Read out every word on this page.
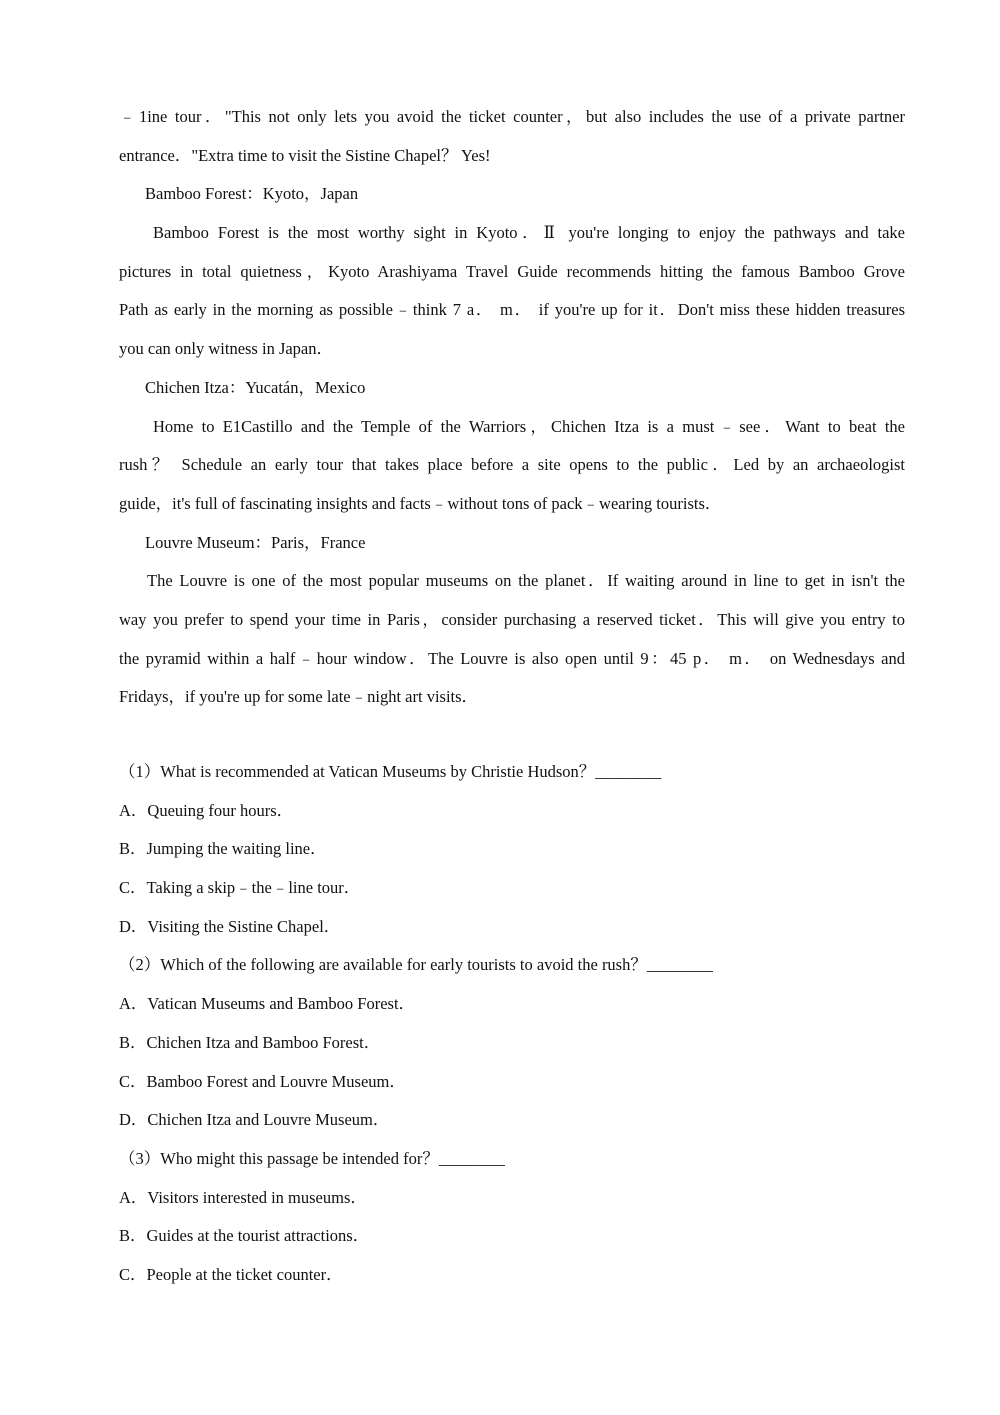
﹣1ine tour．"This not only lets you avoid the ticket counter，but also includes the use of a private partner
entrance．"Extra time to visit the Sistine Chapel？ Yes!
Bamboo Forest：Kyoto，Japan
Bamboo Forest is the most worthy sight in Kyoto．Ⅱ you're longing to enjoy the pathways and take
pictures in total quietness，Kyoto Arashiyama Travel Guide recommends hitting the famous Bamboo Grove
Path as early in the morning as possible﹣think 7 a． m． if you're up for it．Don't miss these hidden treasures
you can only witness in Japan．
Chichen Itza：Yucatán，Mexico
Home to E1Castillo and the Temple of the Warriors，Chichen Itza is a must﹣see．Want to beat the
rush？ Schedule an early tour that takes place before a site opens to the public．Led by an archaeologist
guide，it's full of fascinating insights and facts﹣without tons of pack﹣wearing tourists．
Louvre Museum：Paris，France
The Louvre is one of the most popular museums on the planet．If waiting around in line to get in isn't the
way you prefer to spend your time in Paris，consider purchasing a reserved ticket．This will give you entry to
the pyramid within a half﹣hour window．The Louvre is also open until 9：45 p． m． on Wednesdays and
Fridays，if you're up for some late﹣night art visits．
（1）What is recommended at Vatican Museums by Christie Hudson？________
A．Queuing four hours．
B．Jumping the waiting line．
C．Taking a skip﹣the﹣line tour．
D．Visiting the Sistine Chapel．
（2）Which of the following are available for early tourists to avoid the rush？________
A．Vatican Museums and Bamboo Forest．
B．Chichen Itza and Bamboo Forest．
C．Bamboo Forest and Louvre Museum．
D．Chichen Itza and Louvre Museum．
（3）Who might this passage be intended for？________
A．Visitors interested in museums．
B．Guides at the tourist attractions．
C．People at the ticket counter．
